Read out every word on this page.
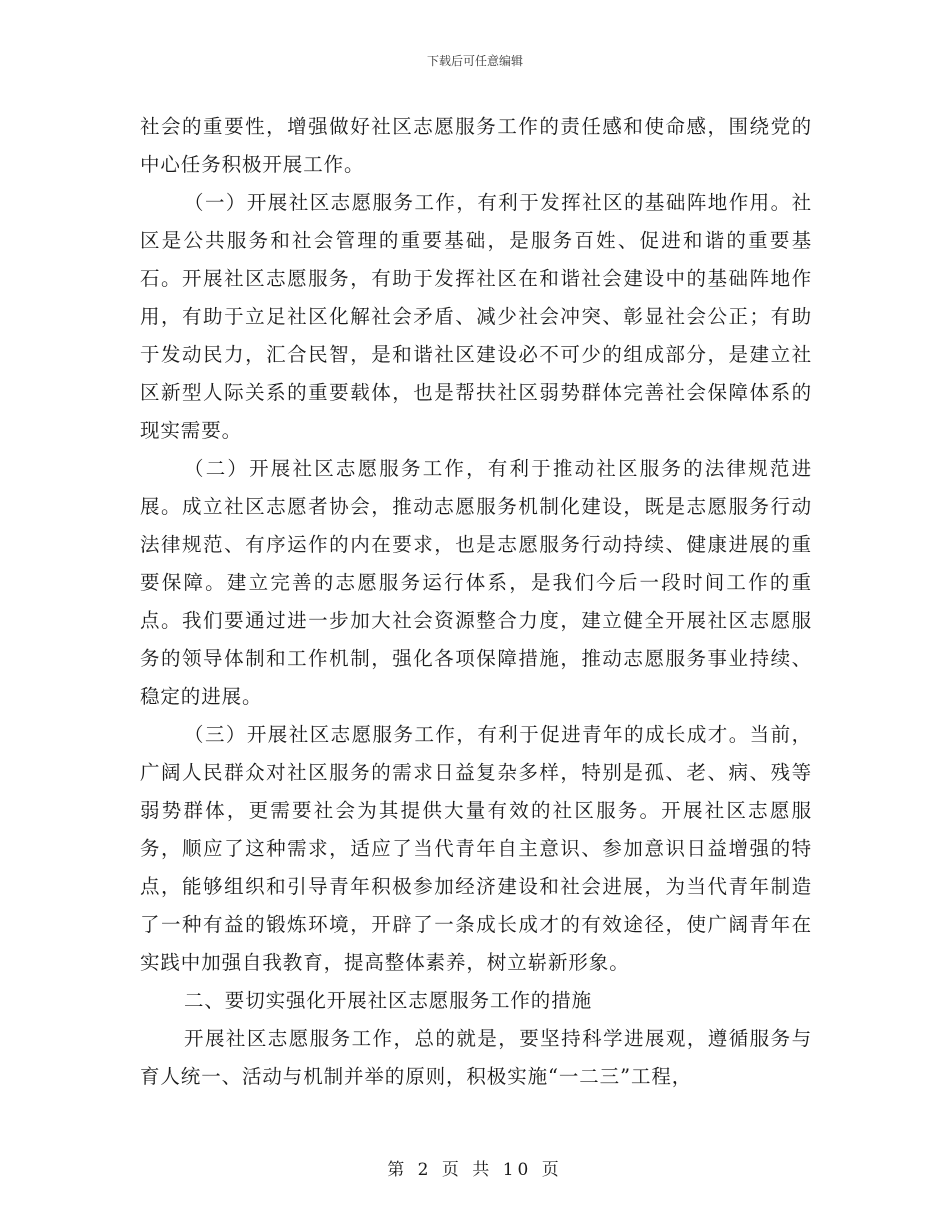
下载后可任意编辑

社会的重要性，增强做好社区志愿服务工作的责任感和使命感，围绕党的中心任务积极开展工作。

（一）开展社区志愿服务工作，有利于发挥社区的基础阵地作用。社区是公共服务和社会管理的重要基础，是服务百姓、促进和谐的重要基石。开展社区志愿服务，有助于发挥社区在和谐社会建设中的基础阵地作用，有助于立足社区化解社会矛盾、减少社会冲突、彰显社会公正；有助于发动民力，汇合民智，是和谐社区建设必不可少的组成部分，是建立社区新型人际关系的重要载体，也是帮扶社区弱势群体完善社会保障体系的现实需要。

（二）开展社区志愿服务工作，有利于推动社区服务的法律规范进展。成立社区志愿者协会，推动志愿服务机制化建设，既是志愿服务行动法律规范、有序运作的内在要求，也是志愿服务行动持续、健康进展的重要保障。建立完善的志愿服务运行体系，是我们今后一段时间工作的重点。我们要通过进一步加大社会资源整合力度，建立健全开展社区志愿服务的领导体制和工作机制，强化各项保障措施，推动志愿服务事业持续、稳定的进展。

（三）开展社区志愿服务工作，有利于促进青年的成长成才。当前，广阔人民群众对社区服务的需求日益复杂多样，特别是孤、老、病、残等弱势群体，更需要社会为其提供大量有效的社区服务。开展社区志愿服务，顺应了这种需求，适应了当代青年自主意识、参加意识日益增强的特点，能够组织和引导青年积极参加经济建设和社会进展，为当代青年制造了一种有益的锻炼环境，开辟了一条成长成才的有效途径，使广阔青年在实践中加强自我教育，提高整体素养，树立崭新形象。

二、要切实强化开展社区志愿服务工作的措施

开展社区志愿服务工作，总的就是，要坚持科学进展观，遵循服务与育人统一、活动与机制并举的原则，积极实施“一二三”工程，

第 2 页 共 10 页
